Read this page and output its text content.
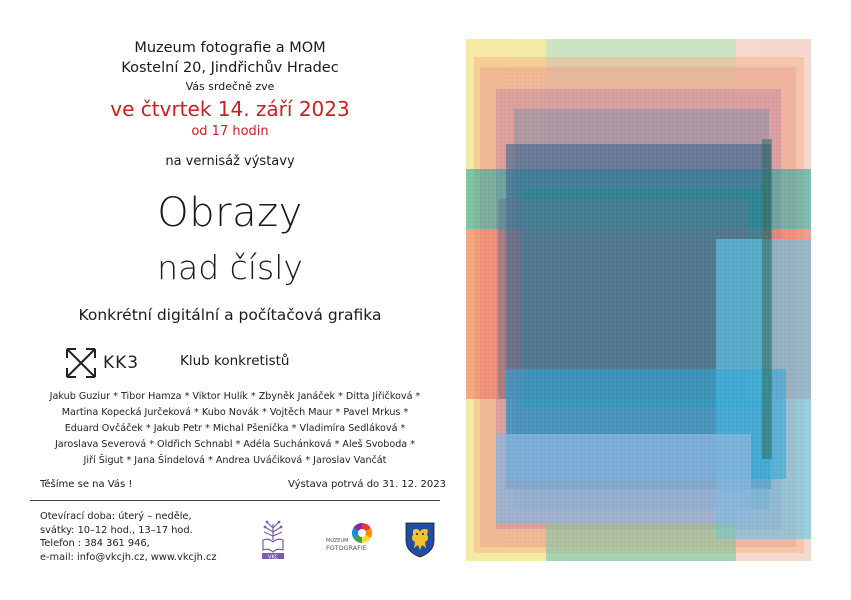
Muzeum fotografie a MOM
Kostelní 20, Jindřichův Hradec
Vás srdečně zve
ve čtvrtek 14. září 2023
od 17 hodin
na vernisáž výstavy
Obrazy
nad čísly
Konkrétní digitální a počítačová grafika
KK3	Klub konkretistů
Jakub Guziur * Tibor Hamza * Viktor Hulík * Zbyněk Janáček * Ditta Jiřičková *
Martina Kopecká Jurčeková * Kubo Novák * Vojtěch Maur * Pavel Mrkus *
Eduard Ovčáček * Jakub Petr * Michal Pšenička * Vladimíra Sedláková *
Jaroslava Severová * Oldřich Schnabl * Adéla Suchánková * Aleš Svoboda *
Jiří Šigut * Jana Šindelová * Andrea Uváčiková * Jaroslav Vančát
Těšíme se na Vás !	Výstava potrvá do 31. 12. 2023
Otevírací doba: úterý – neděle,
svátky: 10–12 hod., 13–17 hod.
Telefon : 384 361 946,
e-mail: info@vkcjh.cz, www.vkcjh.cz	VKC
MUZEUM
FOTOGRAFIE
